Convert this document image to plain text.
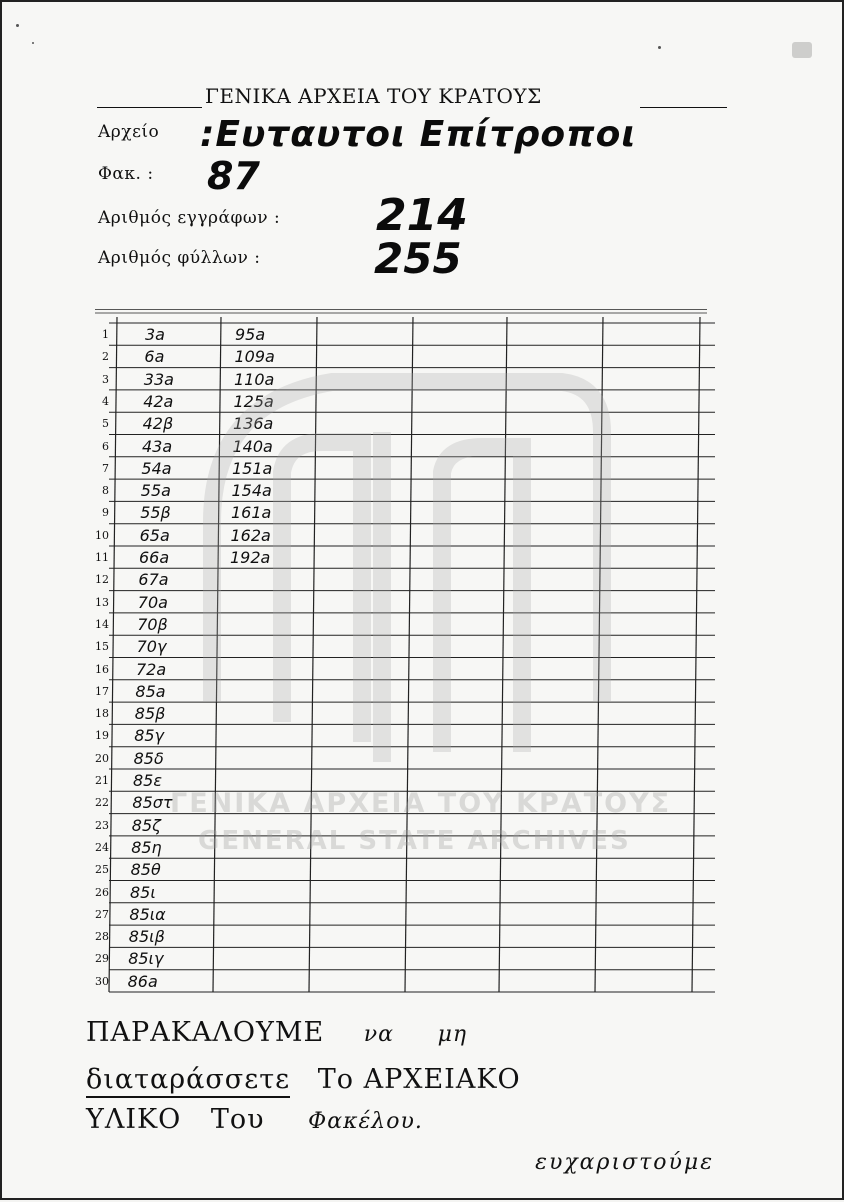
ΓΕΝΙΚΑ ΑΡΧΕΙΑ ΤΟΥ ΚΡΑΤΟΥΣ
Αρχείο :Ευταυτοι Επίτροποι
Φακ. : 87
Αριθμός εγγράφων : 214
Αριθμός φύλλων :	255
1 3a	95a
2 6a	109a
3 33a	110a
4 42a	125a
5 42β	136a
6 43a	140a
7 54a	151a
8 55a	154a
9 55β	161a
10 65a	162a
11 66a	192a
12 67a
13 70a
14 70β
15 70γ
16 72a
17 85a
18 85β
19 85γ
20 85δ
21 85ε
22 85στ
23 85ζ
24 85η
25 85θ
26 85ι
27 85ια
28 85ιβ
29 85ιγ
30 86a
ΓΕΝΙΚΑ ΑΡΧΕΙΑ ΤΟΥ ΚΡΑΤΟΥΣ
GENERAL STATE ARCHIVES
ΠΑΡΑΚΑΛΟΥΜΕ να μη
διαταράσσετε Το ΑΡΧΕΙΑΚΟ
ΥΛΙΚΟ Του Φακέλου.
ευχαριστούμε
